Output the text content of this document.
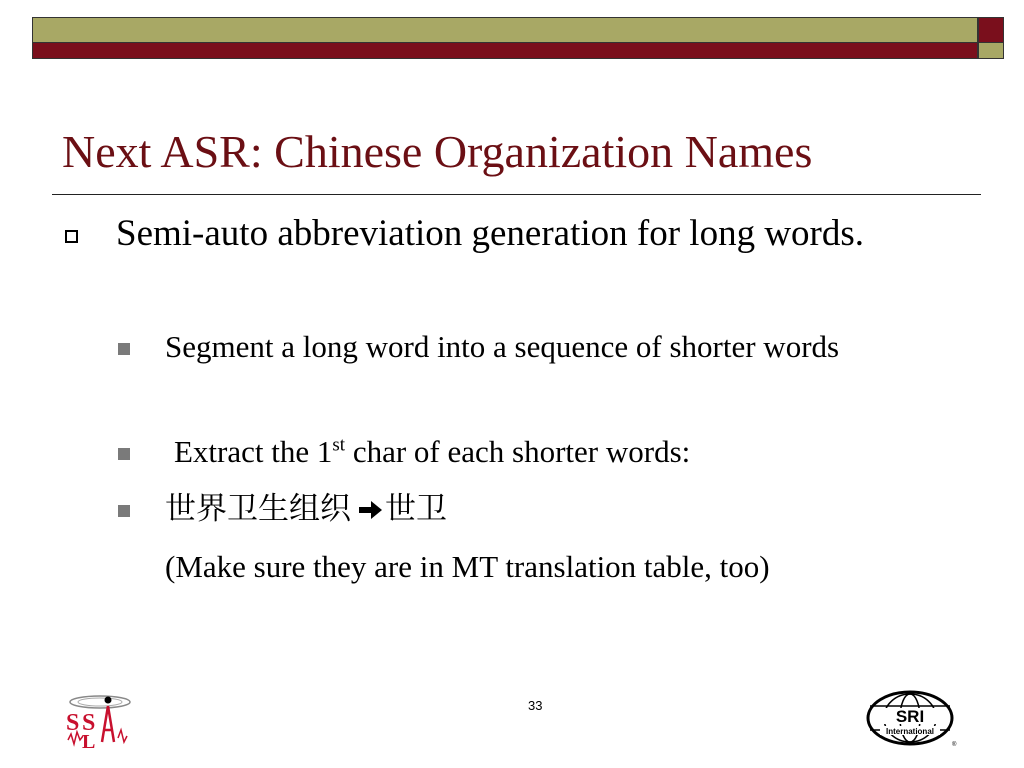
Next ASR: Chinese Organization Names
Semi-auto abbreviation generation for long words.
Segment a long word into a sequence of shorter words
Extract the 1st char of each shorter words:
世界卫生组织 世卫
(Make sure they are in MT translation table, too)
33
S S
L
SRI
International
®
